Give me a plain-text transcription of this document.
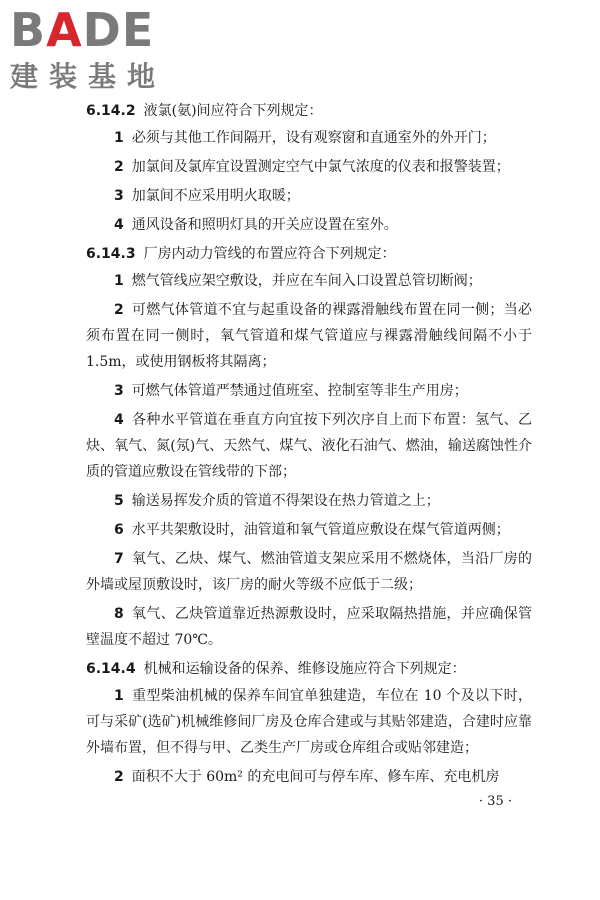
BADE
建装基地
6.14.2 液氯(氨)间应符合下列规定：
1 必须与其他工作间隔开，设有观察窗和直通室外的外开门；
2 加氯间及氯库宜设置测定空气中氯气浓度的仪表和报警装置；
3 加氯间不应采用明火取暖；
4 通风设备和照明灯具的开关应设置在室外。
6.14.3 厂房内动力管线的布置应符合下列规定：
1 燃气管线应架空敷设，并应在车间入口设置总管切断阀；
2 可燃气体管道不宜与起重设备的裸露滑触线布置在同一侧；当必须布置在同一侧时，氧气管道和煤气管道应与裸露滑触线间隔不小于 1.5m，或使用钢板将其隔离；
3 可燃气体管道严禁通过值班室、控制室等非生产用房；
4 各种水平管道在垂直方向宜按下列次序自上而下布置：氢气、乙炔、氧气、氮(氖)气、天然气、煤气、液化石油气、燃油，输送腐蚀性介质的管道应敷设在管线带的下部；
5 输送易挥发介质的管道不得架设在热力管道之上；
6 水平共架敷设时，油管道和氧气管道应敷设在煤气管道两侧；
7 氧气、乙炔、煤气、燃油管道支架应采用不燃烧体，当沿厂房的外墙或屋顶敷设时，该厂房的耐火等级不应低于二级；
8 氧气、乙炔管道靠近热源敷设时，应采取隔热措施，并应确保管壁温度不超过 70℃。
6.14.4 机械和运输设备的保养、维修设施应符合下列规定：
1 重型柴油机械的保养车间宜单独建造，车位在 10 个及以下时，可与采矿(选矿)机械维修间厂房及仓库合建或与其贴邻建造，合建时应靠外墙布置，但不得与甲、乙类生产厂房或仓库组合或贴邻建造；
2 面积不大于 60m² 的充电间可与停车库、修车库、充电机房
· 35 ·
